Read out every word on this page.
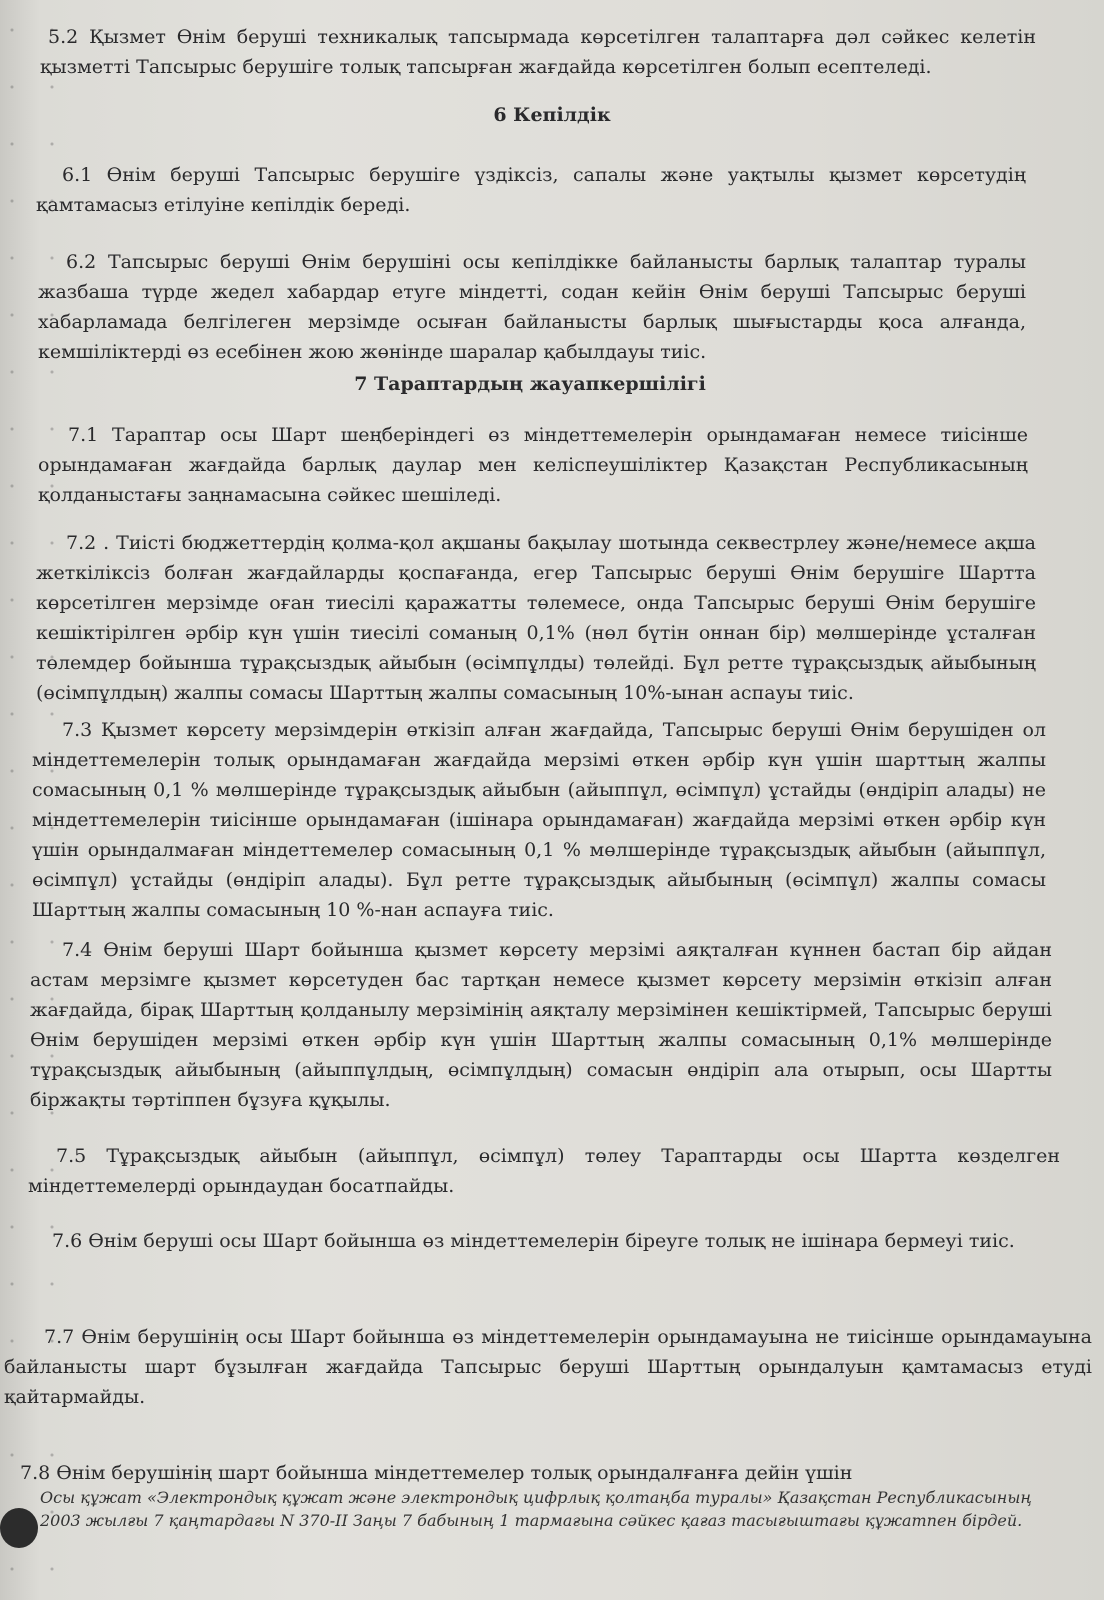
5.2 Қызмет Өнім беруші техникалық тапсырмада көрсетілген талаптарға дәл сәйкес келетін қызметті Тапсырыс берушіге толық тапсырған жағдайда көрсетілген болып есептеледі.
6 Кепілдік
6.1 Өнім беруші Тапсырыс берушіге үздіксіз, сапалы және уақтылы қызмет көрсетудің қамтамасыз етілуіне кепілдік береді.
6.2 Тапсырыс беруші Өнім берушіні осы кепілдікке байланысты барлық талаптар туралы жазбаша түрде жедел хабардар етуге міндетті, содан кейін Өнім беруші Тапсырыс беруші хабарламада белгілеген мерзімде осыған байланысты барлық шығыстарды қоса алғанда, кемшіліктерді өз есебінен жою жөнінде шаралар қабылдауы тиіс.
7 Тараптардың жауапкершілігі
7.1 Тараптар осы Шарт шеңберіндегі өз міндеттемелерін орындамаған немесе тиісінше орындамаған жағдайда барлық даулар мен келіспеушіліктер Қазақстан Республикасының қолданыстағы заңнамасына сәйкес шешіледі.
7.2 . Тиісті бюджеттердің қолма-қол ақшаны бақылау шотында секвестрлеу және/немесе ақша жеткіліксіз болған жағдайларды қоспағанда, егер Тапсырыс беруші Өнім берушіге Шартта көрсетілген мерзімде оған тиесілі қаражатты төлемесе, онда Тапсырыс беруші Өнім берушіге кешіктірілген әрбір күн үшін тиесілі соманың 0,1% (нөл бүтін оннан бір) мөлшерінде ұсталған төлемдер бойынша тұрақсыздық айыбын (өсімпұлды) төлейді. Бұл ретте тұрақсыздық айыбының (өсімпұлдың) жалпы сомасы Шарттың жалпы сомасының 10%-ынан аспауы тиіс.
7.3 Қызмет көрсету мерзімдерін өткізіп алған жағдайда, Тапсырыс беруші Өнім берушіден ол міндеттемелерін толық орындамаған жағдайда мерзімі өткен әрбір күн үшін шарттың жалпы сомасының 0,1 % мөлшерінде тұрақсыздық айыбын (айыппұл, өсімпұл) ұстайды (өндіріп алады) не міндеттемелерін тиісінше орындамаған (ішінара орындамаған) жағдайда мерзімі өткен әрбір күн үшін орындалмаған міндеттемелер сомасының 0,1 % мөлшерінде тұрақсыздық айыбын (айыппұл, өсімпұл) ұстайды (өндіріп алады). Бұл ретте тұрақсыздық айыбының (өсімпұл) жалпы сомасы Шарттың жалпы сомасының 10 %-нан аспауға тиіс.
7.4 Өнім беруші Шарт бойынша қызмет көрсету мерзімі аяқталған күннен бастап бір айдан астам мерзімге қызмет көрсетуден бас тартқан немесе қызмет көрсету мерзімін өткізіп алған жағдайда, бірақ Шарттың қолданылу мерзімінің аяқталу мерзімінен кешіктірмей, Тапсырыс беруші Өнім берушіден мерзімі өткен әрбір күн үшін Шарттың жалпы сомасының 0,1% мөлшерінде тұрақсыздық айыбының (айыппұлдың, өсімпұлдың) сомасын өндіріп ала отырып, осы Шартты біржақты тәртіппен бұзуға құқылы.
7.5 Тұрақсыздық айыбын (айыппұл, өсімпұл) төлеу Тараптарды осы Шартта көзделген міндеттемелерді орындаудан босатпайды.
7.6 Өнім беруші осы Шарт бойынша өз міндеттемелерін біреуге толық не ішінара бермеуі тиіс.
7.7 Өнім берушінің осы Шарт бойынша өз міндеттемелерін орындамауына не тиісінше орындамауына байланысты шарт бұзылған жағдайда Тапсырыс беруші Шарттың орындалуын қамтамасыз етуді қайтармайды.
7.8 Өнім берушінің шарт бойынша міндеттемелер толық орындалғанға дейін үшін
Осы құжат «Электрондық құжат және электрондық цифрлық қолтаңба туралы» Қазақстан Республикасының 2003 жылғы 7 қаңтардағы N 370-II Заңы 7 бабының 1 тармағына сәйкес қағаз тасығыштағы құжатпен бірдей.
